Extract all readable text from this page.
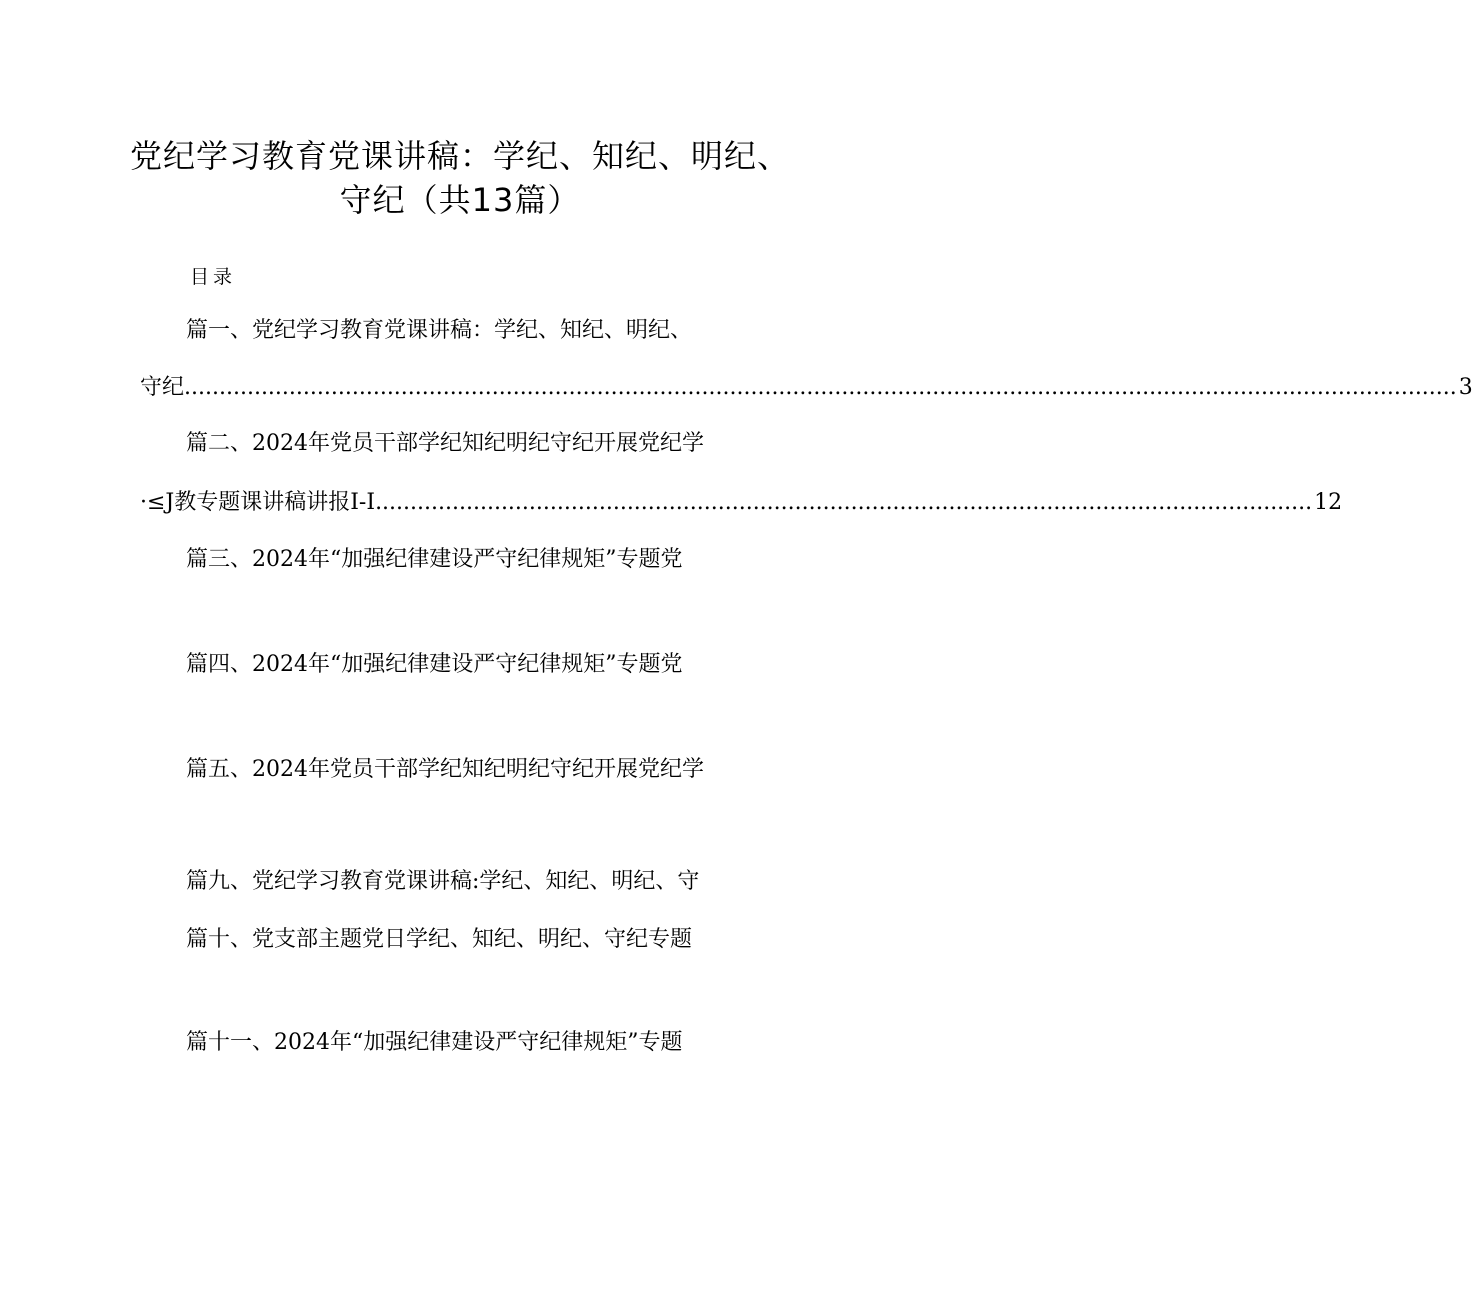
党纪学习教育党课讲稿：学纪、知纪、明纪、
守纪（共13篇）
目录
篇一、党纪学习教育党课讲稿：学纪、知纪、明纪、
守纪 ...................................................................................................................................................................................... 3
篇二、2024年党员干部学纪知纪明纪守纪开展党纪学
·≤J教专题课讲稿讲报I-I ...................................................................................................................................... 12
篇三、2024年“加强纪律建设严守纪律规矩”专题党
篇四、2024年“加强纪律建设严守纪律规矩”专题党
篇五、2024年党员干部学纪知纪明纪守纪开展党纪学
篇九、党纪学习教育党课讲稿:学纪、知纪、明纪、守
篇十、党支部主题党日学纪、知纪、明纪、守纪专题
篇十一、2024年“加强纪律建设严守纪律规矩”专题
